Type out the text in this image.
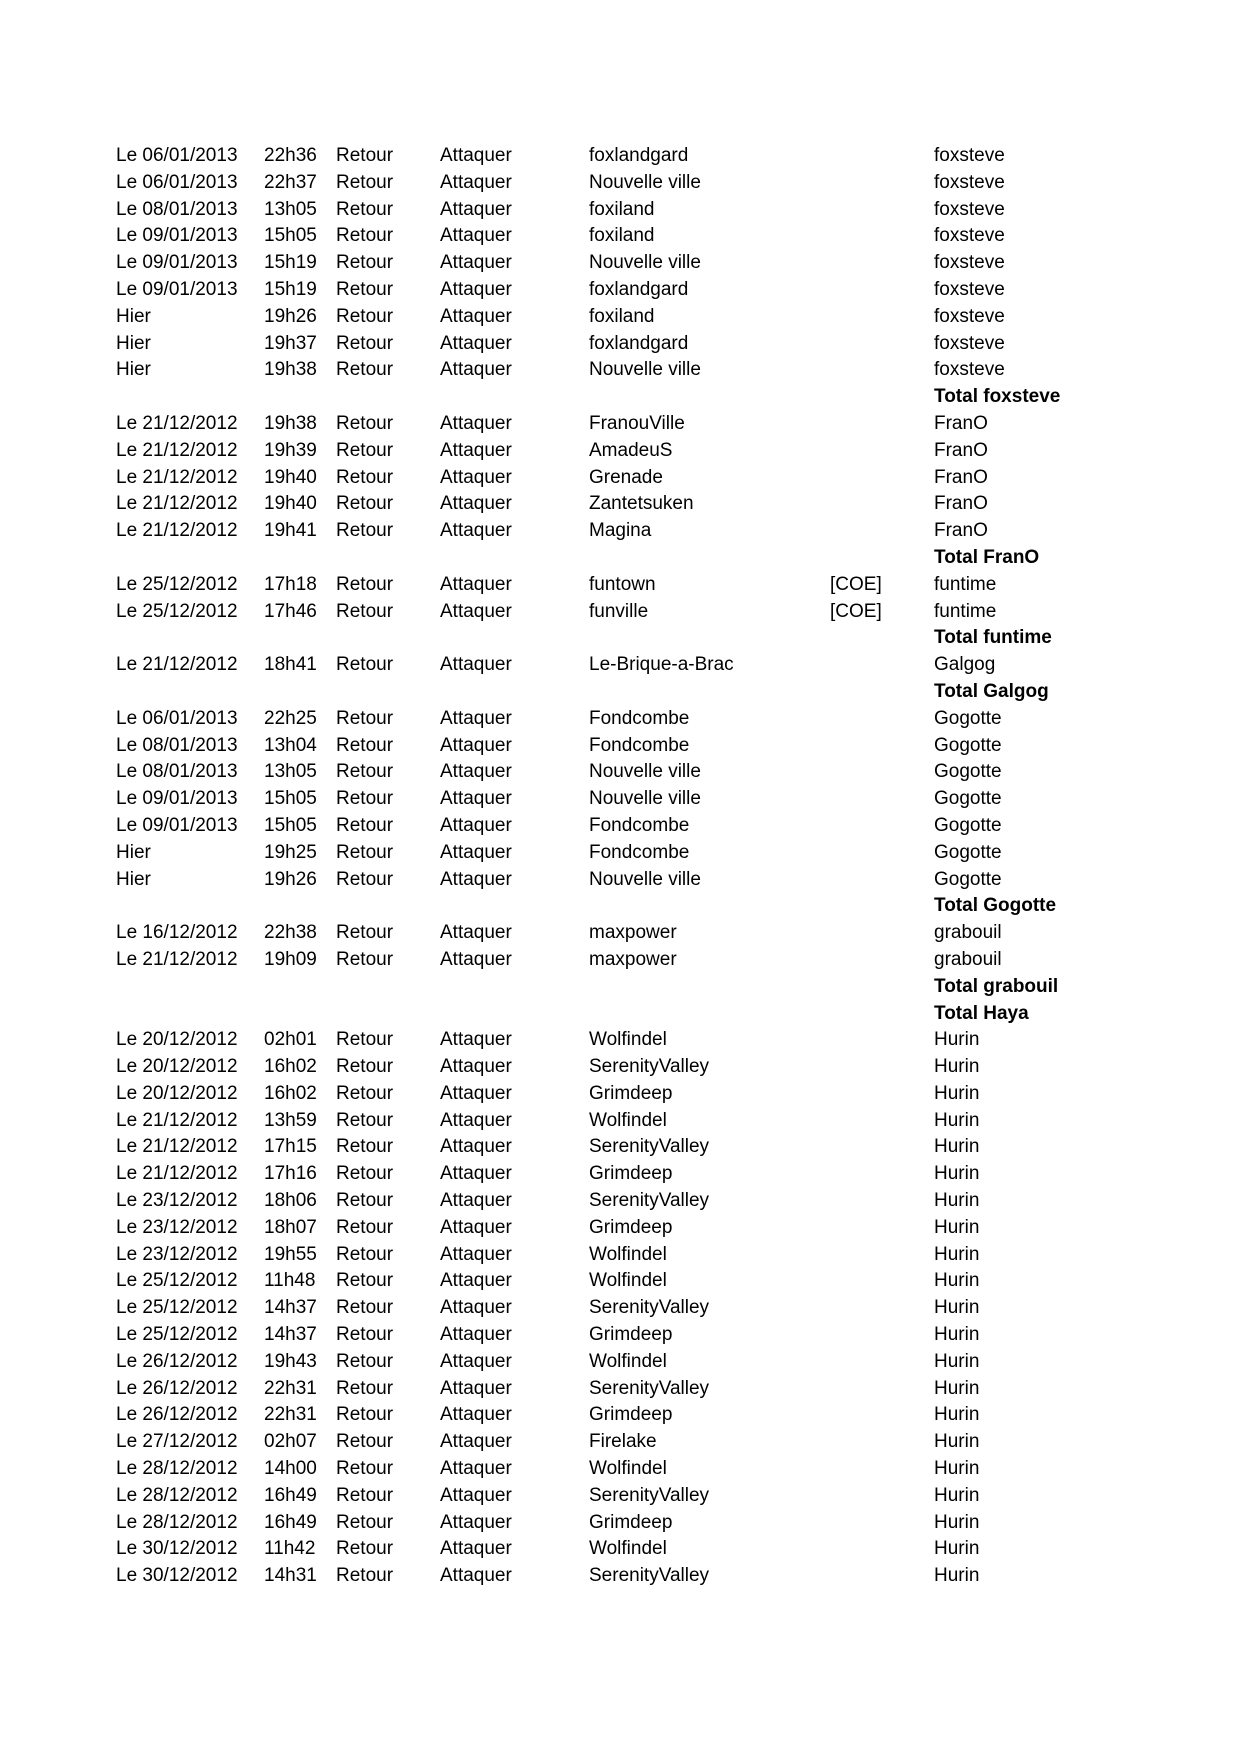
Le 06/01/2013	22h36	Retour	Attaquer	foxlandgard	foxsteve
Le 06/01/2013	22h37	Retour	Attaquer	Nouvelle ville	foxsteve
Le 08/01/2013	13h05	Retour	Attaquer	foxiland	foxsteve
Le 09/01/2013	15h05	Retour	Attaquer	foxiland	foxsteve
Le 09/01/2013	15h19	Retour	Attaquer	Nouvelle ville	foxsteve
Le 09/01/2013	15h19	Retour	Attaquer	foxlandgard	foxsteve
Hier	19h26	Retour	Attaquer	foxiland	foxsteve
Hier	19h37	Retour	Attaquer	foxlandgard	foxsteve
Hier	19h38	Retour	Attaquer	Nouvelle ville	foxsteve
Total foxsteve
Le 21/12/2012	19h38	Retour	Attaquer	FranouVille	FranO
Le 21/12/2012	19h39	Retour	Attaquer	AmadeuS	FranO
Le 21/12/2012	19h40	Retour	Attaquer	Grenade	FranO
Le 21/12/2012	19h40	Retour	Attaquer	Zantetsuken	FranO
Le 21/12/2012	19h41	Retour	Attaquer	Magina	FranO
Total FranO
Le 25/12/2012	17h18	Retour	Attaquer	funtown	[COE]	funtime
Le 25/12/2012	17h46	Retour	Attaquer	funville	[COE]	funtime
Total funtime
Le 21/12/2012	18h41	Retour	Attaquer	Le-Brique-a-Brac	Galgog
Total Galgog
Le 06/01/2013	22h25	Retour	Attaquer	Fondcombe	Gogotte
Le 08/01/2013	13h04	Retour	Attaquer	Fondcombe	Gogotte
Le 08/01/2013	13h05	Retour	Attaquer	Nouvelle ville	Gogotte
Le 09/01/2013	15h05	Retour	Attaquer	Nouvelle ville	Gogotte
Le 09/01/2013	15h05	Retour	Attaquer	Fondcombe	Gogotte
Hier	19h25	Retour	Attaquer	Fondcombe	Gogotte
Hier	19h26	Retour	Attaquer	Nouvelle ville	Gogotte
Total Gogotte
Le 16/12/2012	22h38	Retour	Attaquer	maxpower	grabouil
Le 21/12/2012	19h09	Retour	Attaquer	maxpower	grabouil
Total grabouil
Total Haya
Le 20/12/2012	02h01	Retour	Attaquer	Wolfindel	Hurin
Le 20/12/2012	16h02	Retour	Attaquer	SerenityValley	Hurin
Le 20/12/2012	16h02	Retour	Attaquer	Grimdeep	Hurin
Le 21/12/2012	13h59	Retour	Attaquer	Wolfindel	Hurin
Le 21/12/2012	17h15	Retour	Attaquer	SerenityValley	Hurin
Le 21/12/2012	17h16	Retour	Attaquer	Grimdeep	Hurin
Le 23/12/2012	18h06	Retour	Attaquer	SerenityValley	Hurin
Le 23/12/2012	18h07	Retour	Attaquer	Grimdeep	Hurin
Le 23/12/2012	19h55	Retour	Attaquer	Wolfindel	Hurin
Le 25/12/2012	11h48	Retour	Attaquer	Wolfindel	Hurin
Le 25/12/2012	14h37	Retour	Attaquer	SerenityValley	Hurin
Le 25/12/2012	14h37	Retour	Attaquer	Grimdeep	Hurin
Le 26/12/2012	19h43	Retour	Attaquer	Wolfindel	Hurin
Le 26/12/2012	22h31	Retour	Attaquer	SerenityValley	Hurin
Le 26/12/2012	22h31	Retour	Attaquer	Grimdeep	Hurin
Le 27/12/2012	02h07	Retour	Attaquer	Firelake	Hurin
Le 28/12/2012	14h00	Retour	Attaquer	Wolfindel	Hurin
Le 28/12/2012	16h49	Retour	Attaquer	SerenityValley	Hurin
Le 28/12/2012	16h49	Retour	Attaquer	Grimdeep	Hurin
Le 30/12/2012	11h42	Retour	Attaquer	Wolfindel	Hurin
Le 30/12/2012	14h31	Retour	Attaquer	SerenityValley	Hurin
